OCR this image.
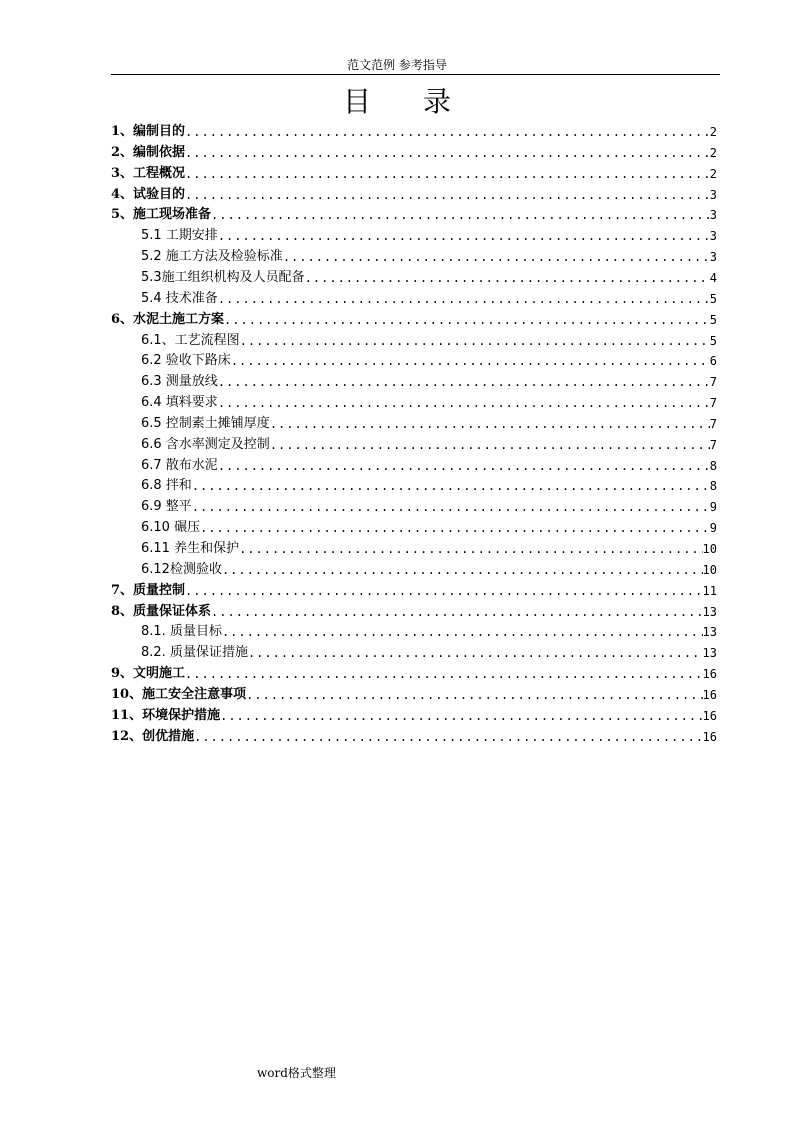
范文范例 参考指导
目录
1、编制目的 .....	2
2、编制依据 .....	2
3、工程概况 .....	2
4、试验目的 .....	3
5、施工现场准备 .....	3
5.1 工期安排 .....	3
5.2 施工方法及检验标准 .....	3
5.3施工组织机构及人员配备 .....	4
5.4 技术准备 .....	5
6、水泥土施工方案 .....	5
6.1、工艺流程图 .....	5
6.2 验收下路床 .....	6
6.3 测量放线 .....	7
6.4 填料要求 .....	7
6.5 控制素土摊铺厚度 .....	7
6.6 含水率测定及控制 .....	7
6.7 散布水泥 .....	8
6.8 拌和 .....	8
6.9 整平 .....	9
6.10 碾压 .....	9
6.11 养生和保护 .....	10
6.12检测验收 .....	10
7、质量控制 .....	11
8、质量保证体系 .....	13
8.1. 质量目标 .....	13
8.2. 质量保证措施 .....	13
9、文明施工 .....	16
10、施工安全注意事项 .....	16
11、环境保护措施 .....	16
12、创优措施 .....	16
word格式整理
